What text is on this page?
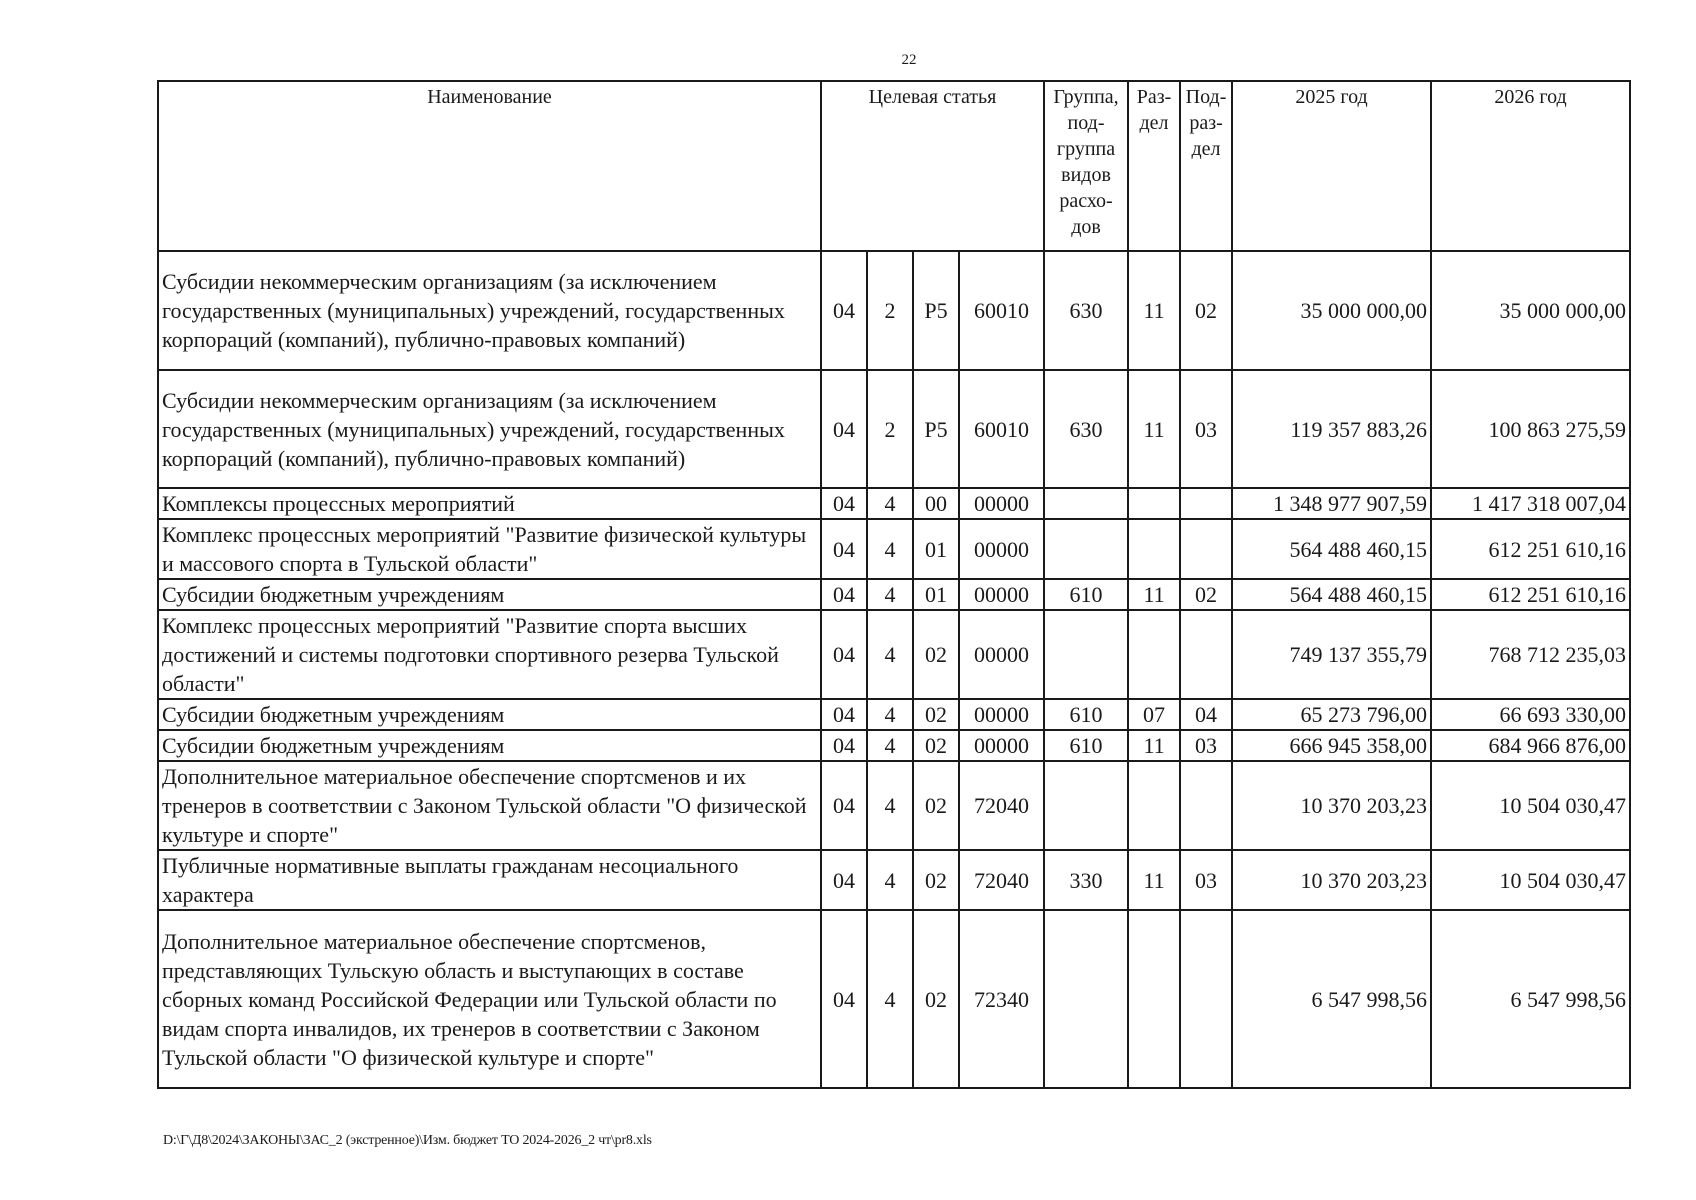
22
Наименование	Целевая статья				Группа, под-группа видов расхо-дов	Раз-дел	Под-раз-дел	2025 год	2026 год
Субсидии некоммерческим организациям (за исключением государственных (муниципальных) учреждений, государственных корпораций (компаний), публично-правовых компаний)	04	2	Р5	60010	630	11	02	35 000 000,00	35 000 000,00
Субсидии некоммерческим организациям (за исключением государственных (муниципальных) учреждений, государственных корпораций (компаний), публично-правовых компаний)	04	2	Р5	60010	630	11	03	119 357 883,26	100 863 275,59
Комплексы процессных мероприятий	04	4	00	00000				1 348 977 907,59	1 417 318 007,04
Комплекс процессных мероприятий "Развитие физической культуры и массового спорта в Тульской области"	04	4	01	00000				564 488 460,15	612 251 610,16
Субсидии бюджетным учреждениям	04	4	01	00000	610	11	02	564 488 460,15	612 251 610,16
Комплекс процессных мероприятий "Развитие спорта высших достижений и системы подготовки спортивного резерва Тульской области"	04	4	02	00000				749 137 355,79	768 712 235,03
Субсидии бюджетным учреждениям	04	4	02	00000	610	07	04	65 273 796,00	66 693 330,00
Субсидии бюджетным учреждениям	04	4	02	00000	610	11	03	666 945 358,00	684 966 876,00
Дополнительное материальное обеспечение спортсменов и их тренеров в соответствии с Законом Тульской области "О физической культуре и спорте"	04	4	02	72040				10 370 203,23	10 504 030,47
Публичные нормативные выплаты гражданам несоциального характера	04	4	02	72040	330	11	03	10 370 203,23	10 504 030,47
Дополнительное материальное обеспечение спортсменов, представляющих Тульскую область и выступающих в составе сборных команд Российской Федерации или Тульской области по видам спорта инвалидов, их тренеров в соответствии с Законом Тульской области "О физической культуре и спорте"	04	4	02	72340				6 547 998,56	6 547 998,56
D:\Г\Д8\2024\ЗАКОНЫ\ЗАС_2 (экстренное)\Изм. бюджет ТО 2024-2026_2 чт\pr8.xls
